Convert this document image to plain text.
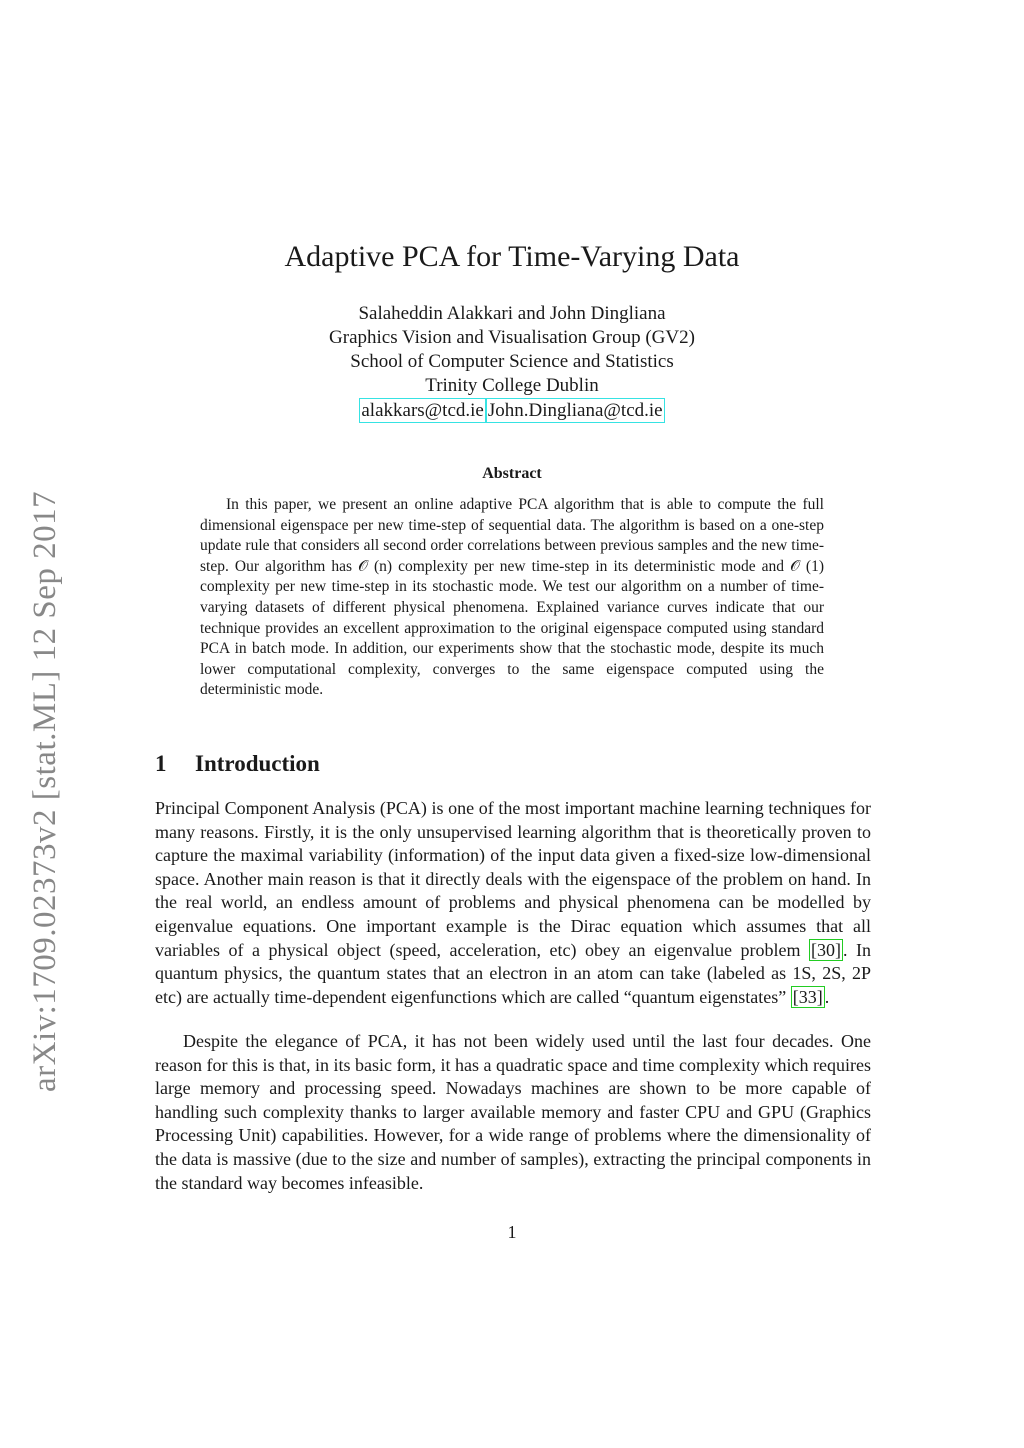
arXiv:1709.02373v2 [stat.ML] 12 Sep 2017
Adaptive PCA for Time-Varying Data
Salaheddin Alakkari and John Dingliana
Graphics Vision and Visualisation Group (GV2)
School of Computer Science and Statistics
Trinity College Dublin
alakkars@tcd.ie John.Dingliana@tcd.ie
Abstract
In this paper, we present an online adaptive PCA algorithm that is able to compute the full dimensional eigenspace per new time-step of sequential data. The algorithm is based on a one-step update rule that considers all second order correlations between previous samples and the new time-step. Our algorithm has 𝒪 (n) complexity per new time-step in its deterministic mode and 𝒪 (1) complexity per new time-step in its stochastic mode. We test our algorithm on a number of time-varying datasets of different physical phenomena. Explained variance curves indicate that our technique provides an excellent approximation to the original eigenspace computed using standard PCA in batch mode. In addition, our experiments show that the stochastic mode, despite its much lower computational complexity, converges to the same eigenspace computed using the deterministic mode.
1 Introduction

Principal Component Analysis (PCA) is one of the most important machine learning techniques for many reasons. Firstly, it is the only unsupervised learning algorithm that is theoretically proven to capture the maximal variability (information) of the input data given a fixed-size low-dimensional space. Another main reason is that it directly deals with the eigenspace of the problem on hand. In the real world, an endless amount of problems and physical phenomena can be modelled by eigenvalue equations. One important example is the Dirac equation which assumes that all variables of a physical object (speed, acceleration, etc) obey an eigenvalue problem [30] . In quantum physics, the quantum states that an electron in an atom can take (labeled as 1S, 2S, 2P etc) are actually time-dependent eigenfunctions which are called “quantum eigenstates” [33] .

Despite the elegance of PCA, it has not been widely used until the last four decades. One reason for this is that, in its basic form, it has a quadratic space and time complexity which requires large memory and processing speed. Nowadays machines are shown to be more capable of handling such complexity thanks to larger available memory and faster CPU and GPU (Graphics Processing Unit) capabilities. However, for a wide range of problems where the dimensionality of the data is massive (due to the size and number of samples), extracting the principal components in the standard way becomes infeasible.

1
